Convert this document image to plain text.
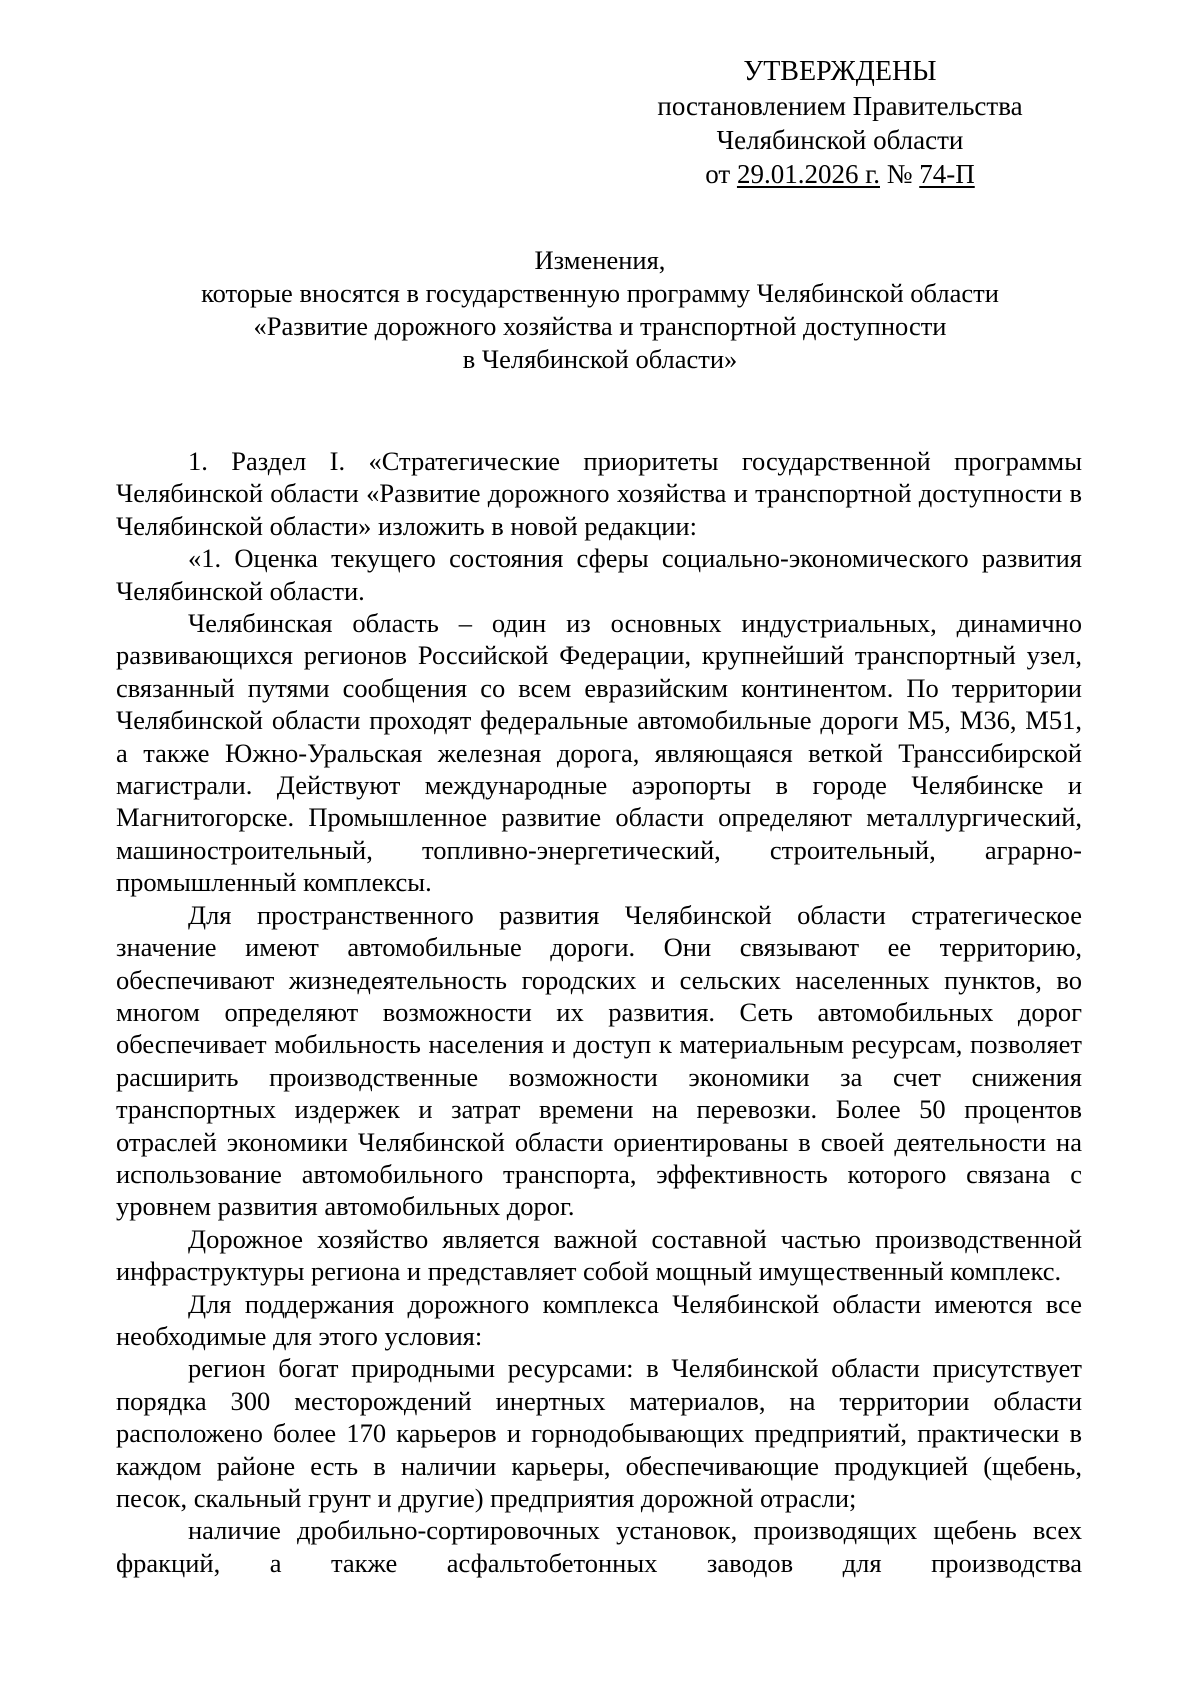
УТВЕРЖДЕНЫ
постановлением Правительства
Челябинской области
от 29.01.2026 г. № 74-П
Изменения,
которые вносятся в государственную программу Челябинской области
«Развитие дорожного хозяйства и транспортной доступности
в Челябинской области»

1. Раздел I. «Стратегические приоритеты государственной программы Челябинской области «Развитие дорожного хозяйства и транспортной доступности в Челябинской области» изложить в новой редакции:

«1. Оценка текущего состояния сферы социально-экономического развития Челябинской области.

Челябинская область – один из основных индустриальных, динамично развивающихся регионов Российской Федерации, крупнейший транспортный узел, связанный путями сообщения со всем евразийским континентом. По территории Челябинской области проходят федеральные автомобильные дороги М5, М36, М51, а также Южно-Уральская железная дорога, являющаяся веткой Транссибирской магистрали. Действуют международные аэропорты в городе Челябинске и Магнитогорске. Промышленное развитие области определяют металлургический, машиностроительный, топливно-энергетический, строительный, аграрно-промышленный комплексы.

Для пространственного развития Челябинской области стратегическое значение имеют автомобильные дороги. Они связывают ее территорию, обеспечивают жизнедеятельность городских и сельских населенных пунктов, во многом определяют возможности их развития. Сеть автомобильных дорог обеспечивает мобильность населения и доступ к материальным ресурсам, позволяет расширить производственные возможности экономики за счет снижения транспортных издержек и затрат времени на перевозки. Более 50 процентов отраслей экономики Челябинской области ориентированы в своей деятельности на использование автомобильного транспорта, эффективность которого связана с уровнем развития автомобильных дорог.

Дорожное хозяйство является важной составной частью производственной инфраструктуры региона и представляет собой мощный имущественный комплекс.

Для поддержания дорожного комплекса Челябинской области имеются все необходимые для этого условия:

регион богат природными ресурсами: в Челябинской области присутствует порядка 300 месторождений инертных материалов, на территории области расположено более 170 карьеров и горнодобывающих предприятий, практически в каждом районе есть в наличии карьеры, обеспечивающие продукцией (щебень, песок, скальный грунт и другие) предприятия дорожной отрасли;

наличие дробильно-сортировочных установок, производящих щебень всех фракций, а также асфальтобетонных заводов для производства
